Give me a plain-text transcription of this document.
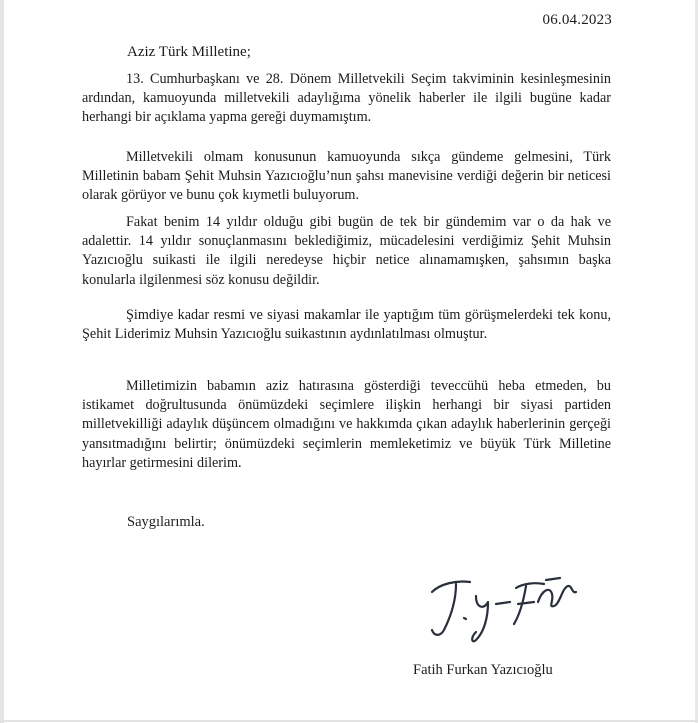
06.04.2023
Aziz Türk Milletine;

13. Cumhurbaşkanı ve 28. Dönem Milletvekili Seçim takviminin kesinleşmesinin ardından, kamuoyunda milletvekili adaylığıma yönelik haberler ile ilgili bugüne kadar herhangi bir açıklama yapma gereği duymamıştım.

Milletvekili olmam konusunun kamuoyunda sıkça gündeme gelmesini, Türk Milletinin babam Şehit Muhsin Yazıcıoğlu’nun şahsı manevisine verdiği değerin bir neticesi olarak görüyor ve bunu çok kıymetli buluyorum.

Fakat benim 14 yıldır olduğu gibi bugün de tek bir gündemim var o da hak ve adalettir. 14 yıldır sonuçlanmasını beklediğimiz, mücadelesini verdiğimiz Şehit Muhsin Yazıcıoğlu suikasti ile ilgili neredeyse hiçbir netice alınamamışken, şahsımın başka konularla ilgilenmesi söz konusu değildir.

Şimdiye kadar resmi ve siyasi makamlar ile yaptığım tüm görüşmelerdeki tek konu, Şehit Liderimiz Muhsin Yazıcıoğlu suikastının aydınlatılması olmuştur.

Milletimizin babamın aziz hatırasına gösterdiği teveccühü heba etmeden, bu istikamet doğrultusunda önümüzdeki seçimlere ilişkin herhangi bir siyasi partiden milletvekilliği adaylık düşüncem olmadığını ve hakkımda çıkan adaylık haberlerinin gerçeği yansıtmadığını belirtir; önümüzdeki seçimlerin memleketimiz ve büyük Türk Milletine hayırlar getirmesini dilerim.

Saygılarımla.
Fatih Furkan Yazıcıoğlu
